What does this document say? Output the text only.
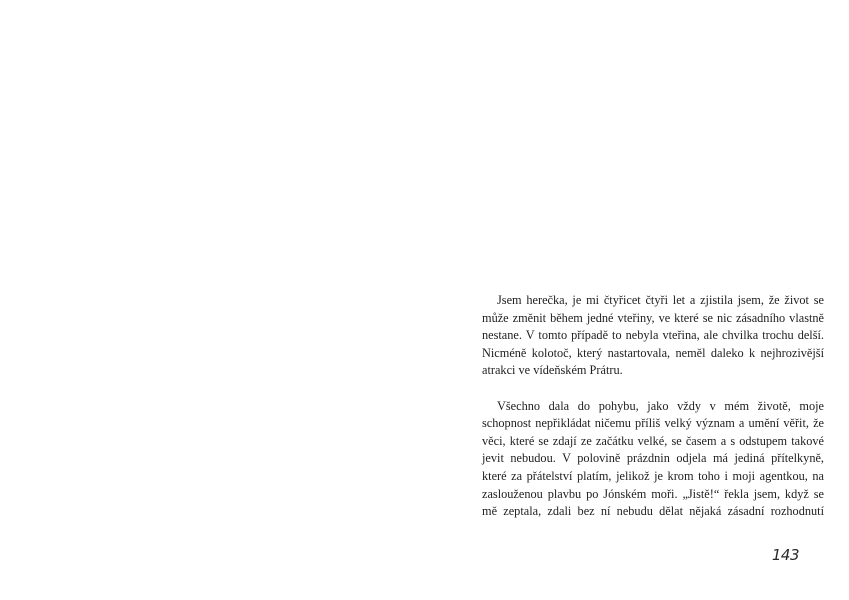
Jsem herečka, je mi čtyřicet čtyři let a zjistila jsem, že život se může změnit během jedné vteřiny, ve které se nic zásadního vlastně nestane. V tomto případě to nebyla vteřina, ale chvilka trochu delší. Nicméně kolotoč, který nastartovala, neměl daleko k nejhrozivější atrakci ve vídeňském Prátru.

Všechno dala do pohybu, jako vždy v mém životě, moje schopnost nepřikládat ničemu příliš velký význam a umění věřit, že věci, které se zdají ze začátku velké, se časem a s odstupem takové jevit nebudou. V polovině prázdnin odjela má jediná přítelkyně, které za přátelství platím, jelikož je krom toho i moji agentkou, na zaslouženou plavbu po Jónském moři. „Jistě!“ řekla jsem, když se mě zeptala, zdali bez ní nebudu dělat nějaká zásadní rozhodnutí

143
